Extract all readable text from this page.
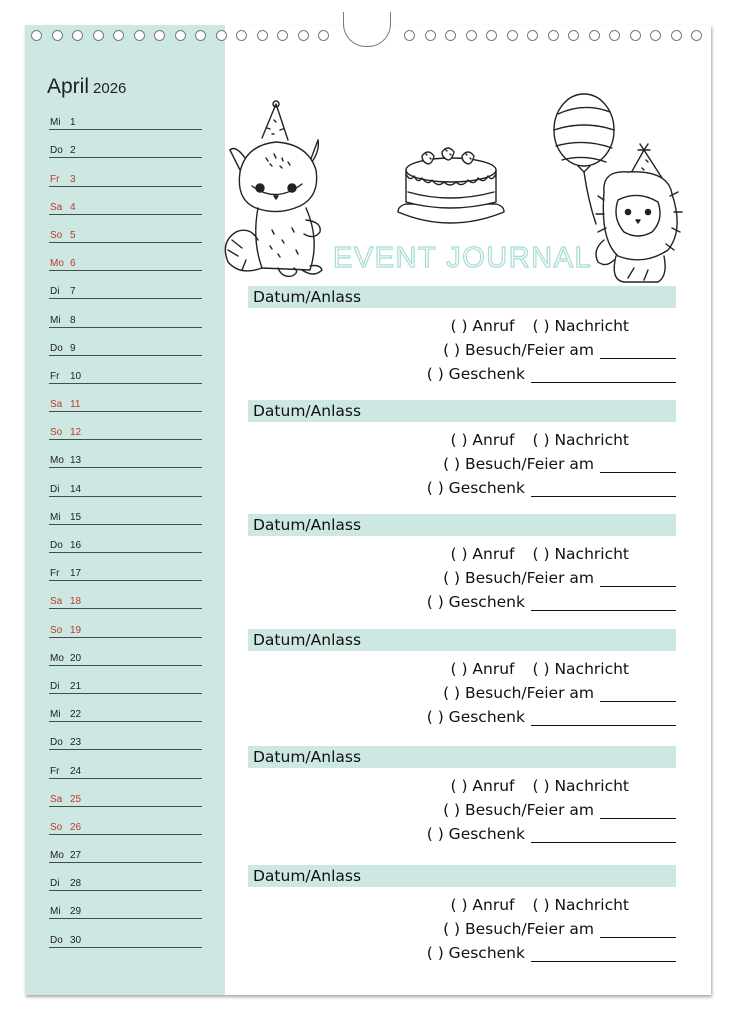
April 2026
Mi 1
Do 2
Fr 3
Sa 4
So 5
Mo 6
Di 7
Mi 8
Do 9
Fr 10
Sa 11
So 12
Mo 13
Di 14
Mi 15
Do 16
Fr 17
Sa 18
So 19
Mo 20
Di 21
Mi 22
Do 23
Fr 24
Sa 25
So 26
Mo 27
Di 28
Mi 29
Do 30
EVENT JOURNAL
Datum/Anlass
( ) Anruf ( ) Nachricht
( ) Besuch/Feier am
( ) Geschenk
Datum/Anlass
( ) Anruf ( ) Nachricht
( ) Besuch/Feier am
( ) Geschenk
Datum/Anlass
( ) Anruf ( ) Nachricht
( ) Besuch/Feier am
( ) Geschenk
Datum/Anlass
( ) Anruf ( ) Nachricht
( ) Besuch/Feier am
( ) Geschenk
Datum/Anlass
( ) Anruf ( ) Nachricht
( ) Besuch/Feier am
( ) Geschenk
Datum/Anlass
( ) Anruf ( ) Nachricht
( ) Besuch/Feier am
( ) Geschenk
